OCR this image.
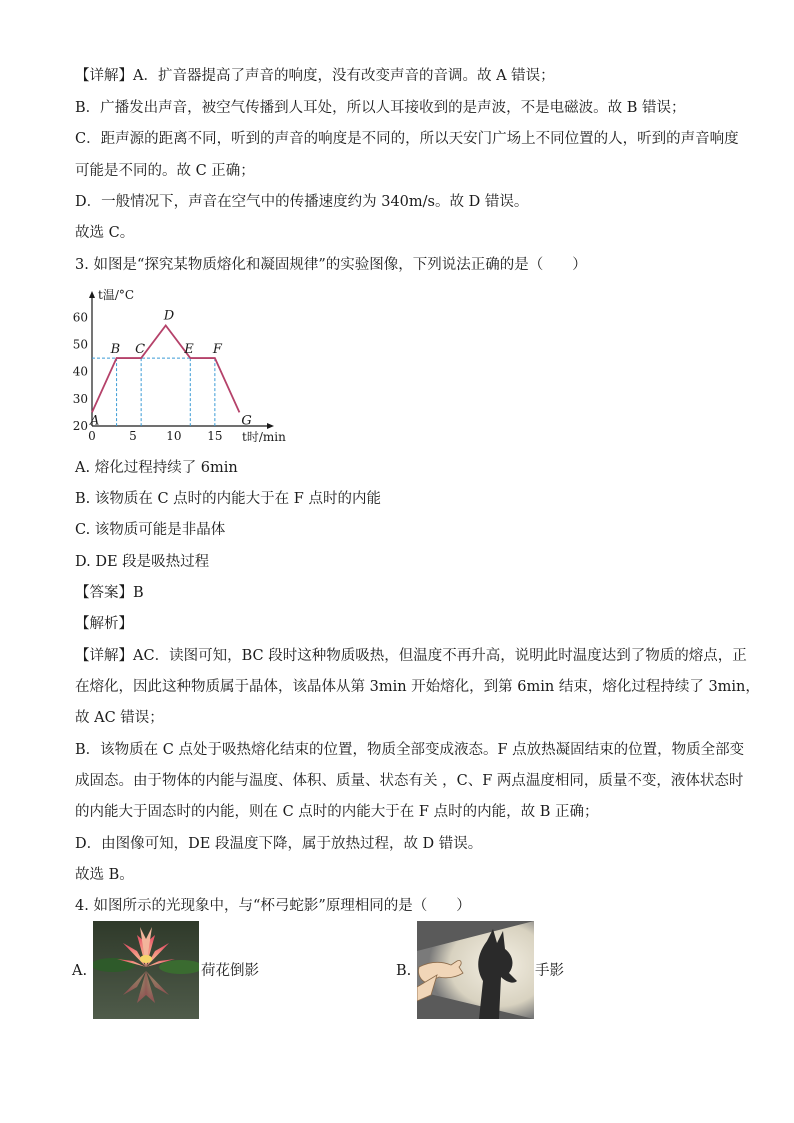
【详解】A．扩音器提高了声音的响度，没有改变声音的音调。故 A 错误；
B．广播发出声音，被空气传播到人耳处，所以人耳接收到的是声波，不是电磁波。故 B 错误；
C．距声源的距离不同，听到的声音的响度是不同的，所以天安门广场上不同位置的人，听到的声音响度
可能是不同的。故 C 正确；
D．一般情况下，声音在空气中的传播速度约为 340m/s。故 D 错误。
故选 C。
3. 如图是“探究某物质熔化和凝固规律”的实验图像，下列说法正确的是（　　）
20
30
40
50
60
0	5 10 15
t温/°C
t时/min
A
B C
D
E F
G
A. 熔化过程持续了 6min
B. 该物质在 C 点时的内能大于在 F 点时的内能
C. 该物质可能是非晶体
D. DE 段是吸热过程
【答案】B
【解析】
【详解】AC．读图可知，BC 段时这种物质吸热，但温度不再升高，说明此时温度达到了物质的熔点，正
在熔化，因此这种物质属于晶体，该晶体从第 3min 开始熔化，到第 6min 结束，熔化过程持续了 3min，
故 AC 错误；
B．该物质在 C 点处于吸热熔化结束的位置，物质全部变成液态。F 点放热凝固结束的位置，物质全部变
成固态。由于物体的内能与温度、体积、质量、状态有关 ，C、F 两点温度相同，质量不变，液体状态时
的内能大于固态时的内能，则在 C 点时的内能大于在 F 点时的内能，故 B 正确；
D．由图像可知，DE 段温度下降，属于放热过程，故 D 错误。
故选 B。
4. 如图所示的光现象中，与“杯弓蛇影”原理相同的是（　　）
A.	荷花倒影	B.	手影
